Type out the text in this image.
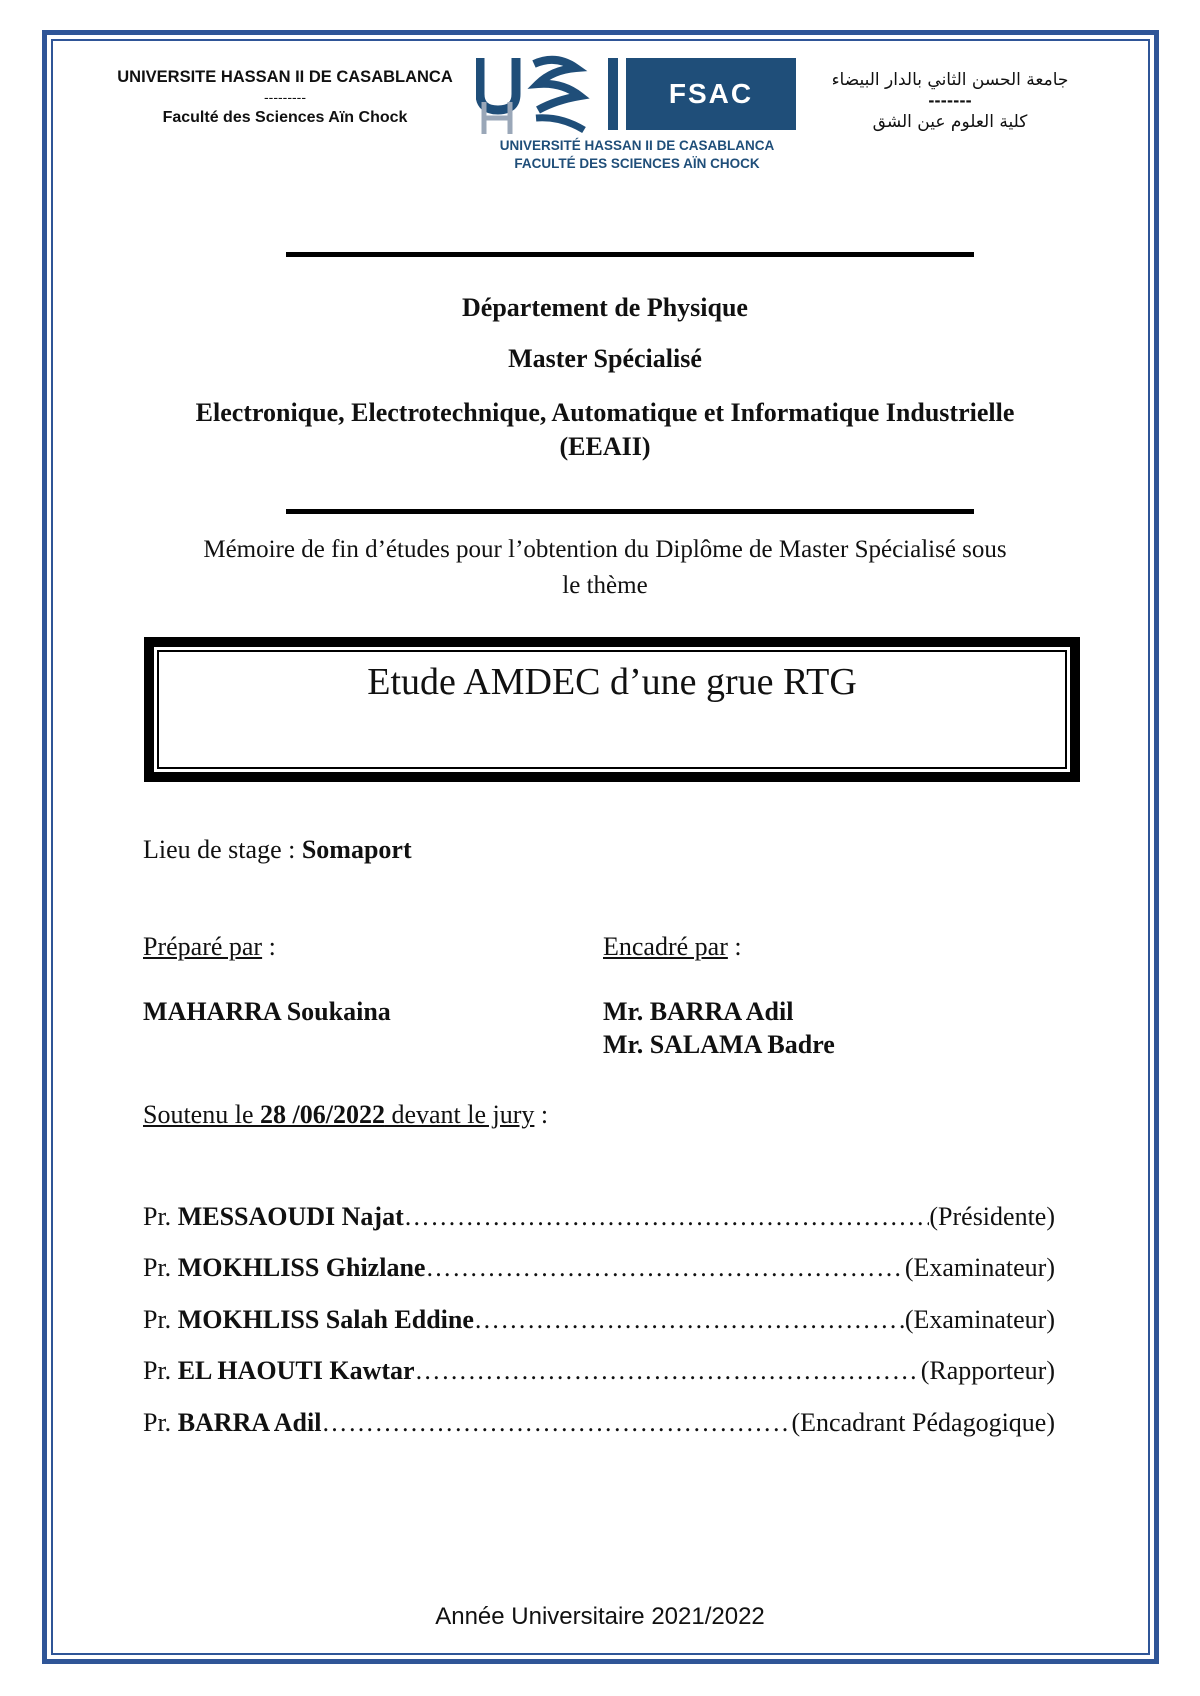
UNIVERSITE HASSAN II DE CASABLANCA
---------
Faculté des Sciences Aïn Chock
FSAC
UNIVERSITÉ HASSAN II DE CASABLANCA
FACULTÉ DES SCIENCES AÏN CHOCK
جامعة الحسن الثاني بالدار البيضاء
-------
كلية العلوم عين الشق
Département de Physique
Master Spécialisé
Electronique, Electrotechnique, Automatique et Informatique Industrielle
(EEAII)
Mémoire de fin d’études pour l’obtention du Diplôme de Master Spécialisé sous
le thème
Etude AMDEC d’une grue RTG
Lieu de stage : Somaport
Préparé par :
MAHARRA Soukaina
Encadré par :
Mr. BARRA Adil
Mr. SALAMA Badre
Soutenu le 28 /06/2022 devant le jury :
Pr. MESSAOUDI Najat …………………………………………………………………………………………………	(Présidente)
Pr. MOKHLISS Ghizlane …………………………………………………………………………………………………	(Examinateur)
Pr. MOKHLISS Salah Eddine …………………………………………………………………………………………………	(Examinateur)
Pr. EL HAOUTI Kawtar …………………………………………………………………………………………………	(Rapporteur)
Pr. BARRA Adil …………………………………………………………………………………………………	(Encadrant Pédagogique)
Année Universitaire 2021/2022
